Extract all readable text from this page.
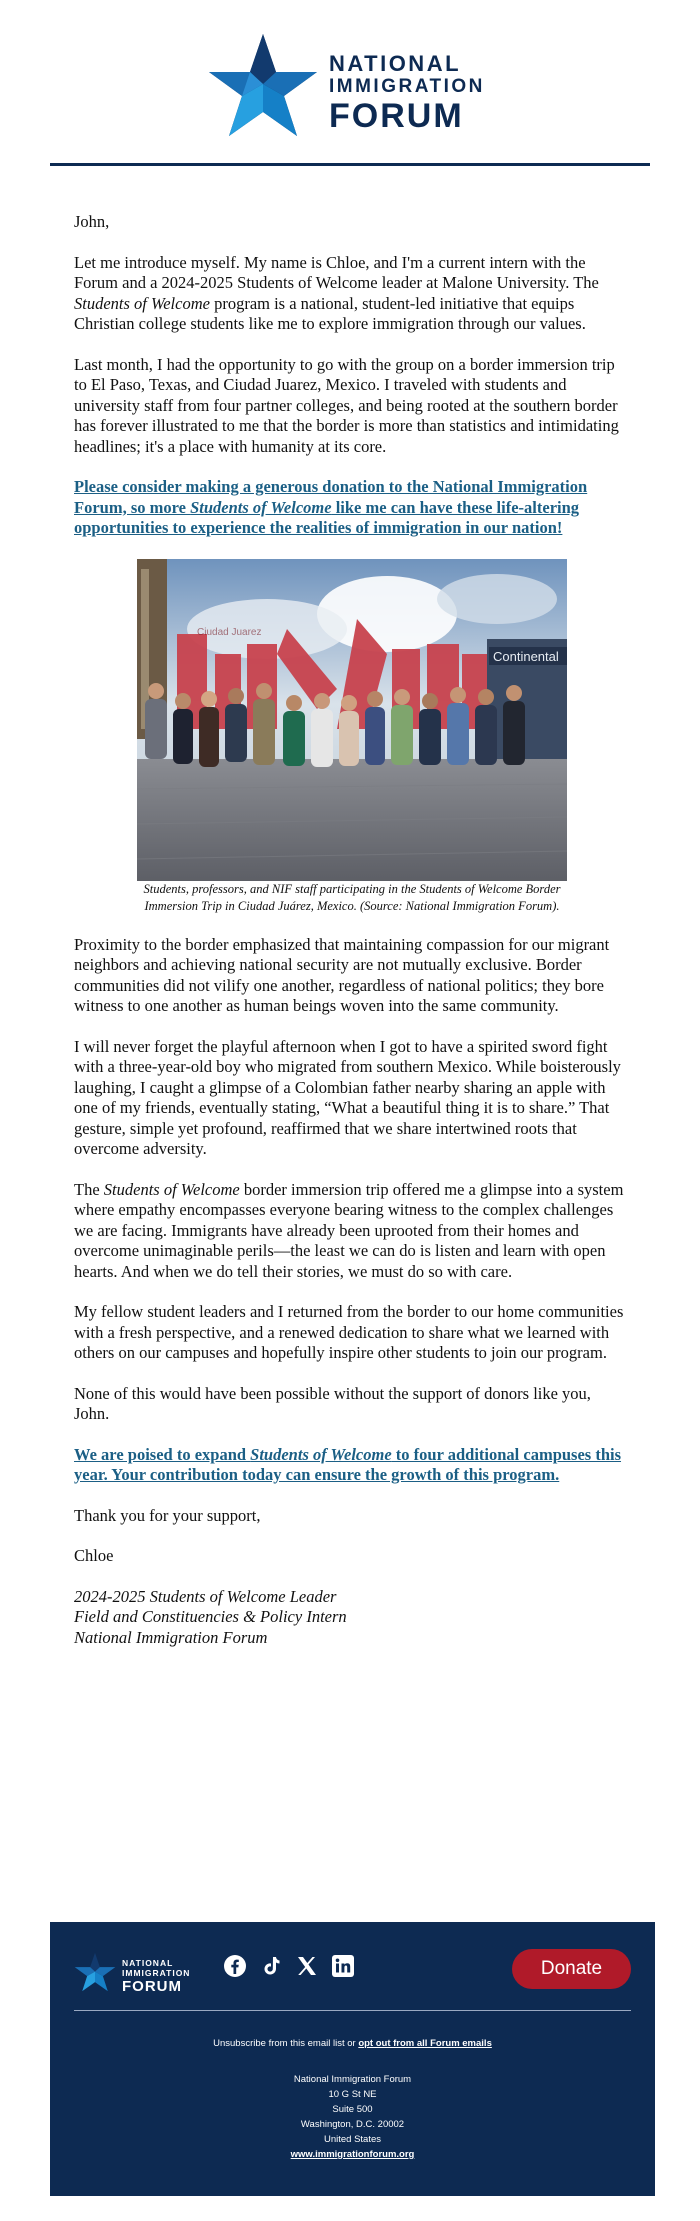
NATIONAL
IMMIGRATION
FORUM

John,

Let me introduce myself. My name is Chloe, and I'm a current intern with the Forum and a 2024-2025 Students of Welcome leader at Malone University. The Students of Welcome program is a national, student-led initiative that equips Christian college students like me to explore immigration through our values.

Last month, I had the opportunity to go with the group on a border immersion trip to El Paso, Texas, and Ciudad Juarez, Mexico. I traveled with students and university staff from four partner colleges, and being rooted at the southern border has forever illustrated to me that the border is more than statistics and intimidating headlines; it's a place with humanity at its core.

Please consider making a generous donation to the National Immigration Forum, so more Students of Welcome like me can have these life-altering opportunities to experience the realities of immigration in our nation!

Continental
Ciudad Juarez

Students, professors, and NIF staff participating in the Students of Welcome Border Immersion Trip in Ciudad Juárez, Mexico. (Source: National Immigration Forum).

Proximity to the border emphasized that maintaining compassion for our migrant neighbors and achieving national security are not mutually exclusive. Border communities did not vilify one another, regardless of national politics; they bore witness to one another as human beings woven into the same community.

I will never forget the playful afternoon when I got to have a spirited sword fight with a three-year-old boy who migrated from southern Mexico. While boisterously laughing, I caught a glimpse of a Colombian father nearby sharing an apple with one of my friends, eventually stating, “What a beautiful thing it is to share.” That gesture, simple yet profound, reaffirmed that we share intertwined roots that overcome adversity.

The Students of Welcome border immersion trip offered me a glimpse into a system where empathy encompasses everyone bearing witness to the complex challenges we are facing. Immigrants have already been uprooted from their homes and overcome unimaginable perils—the least we can do is listen and learn with open hearts. And when we do tell their stories, we must do so with care.

My fellow student leaders and I returned from the border to our home communities with a fresh perspective, and a renewed dedication to share what we learned with others on our campuses and hopefully inspire other students to join our program.

None of this would have been possible without the support of donors like you, John.

We are poised to expand Students of Welcome to four additional campuses this year. Your contribution today can ensure the growth of this program.

Thank you for your support,

Chloe

2024-2025 Students of Welcome Leader
Field and Constituencies & Policy Intern
National Immigration Forum

NATIONAL
IMMIGRATION
FORUM
Donate
Unsubscribe from this email list or opt out from all Forum emails
National Immigration Forum
10 G St NE
Suite 500
Washington, D.C. 20002
United States
www.immigrationforum.org
